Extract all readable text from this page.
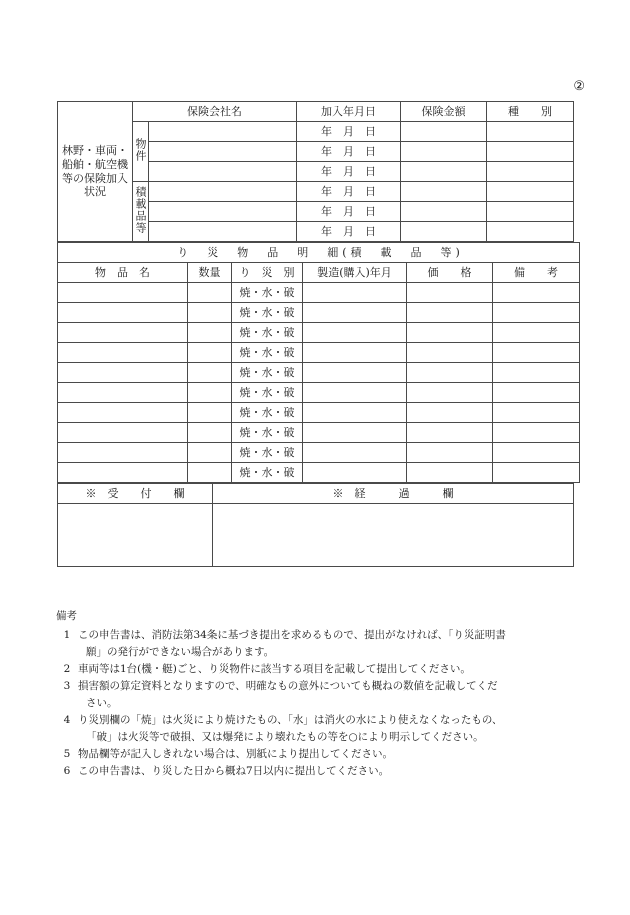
②
林野・車両・
船舶・航空機
等の保険加入
状況	保険会社名		加入年月日	保険金額	種　　別
	物件		年　月　日		
			年　月　日		
			年　月　日		
	積載品等		年　月　日		
			年　月　日		
			年　月　日		
り　災　物　品　明　細(積　載　品　等)					
物　品　名	数量	り　災　別	製造(購入)年月	価　　格	備　　考
		焼・水・破			
		焼・水・破			
		焼・水・破			
		焼・水・破			
		焼・水・破			
		焼・水・破			
		焼・水・破			
		焼・水・破			
		焼・水・破			
		焼・水・破			
※　受　　付　　欄	※　経　　　過　　　欄

備考
1 この申告書は、消防法第34条に基づき提出を求めるもので、提出がなければ、「り災証明書
願」の発行ができない場合があります。
2 車両等は1台(機・艇)ごと、り災物件に該当する項目を記載して提出してください。
3 損害額の算定資料となりますので、明確なもの意外についても概ねの数値を記載してくだ
さい。
4 り災別欄の「焼」は火災により焼けたもの、「水」は消火の水により使えなくなったもの、
「破」は火災等で破損、又は爆発により壊れたもの等を○により明示してください。
5 物品欄等が記入しきれない場合は、別紙により提出してください。
6 この申告書は、り災した日から概ね7日以内に提出してください。
